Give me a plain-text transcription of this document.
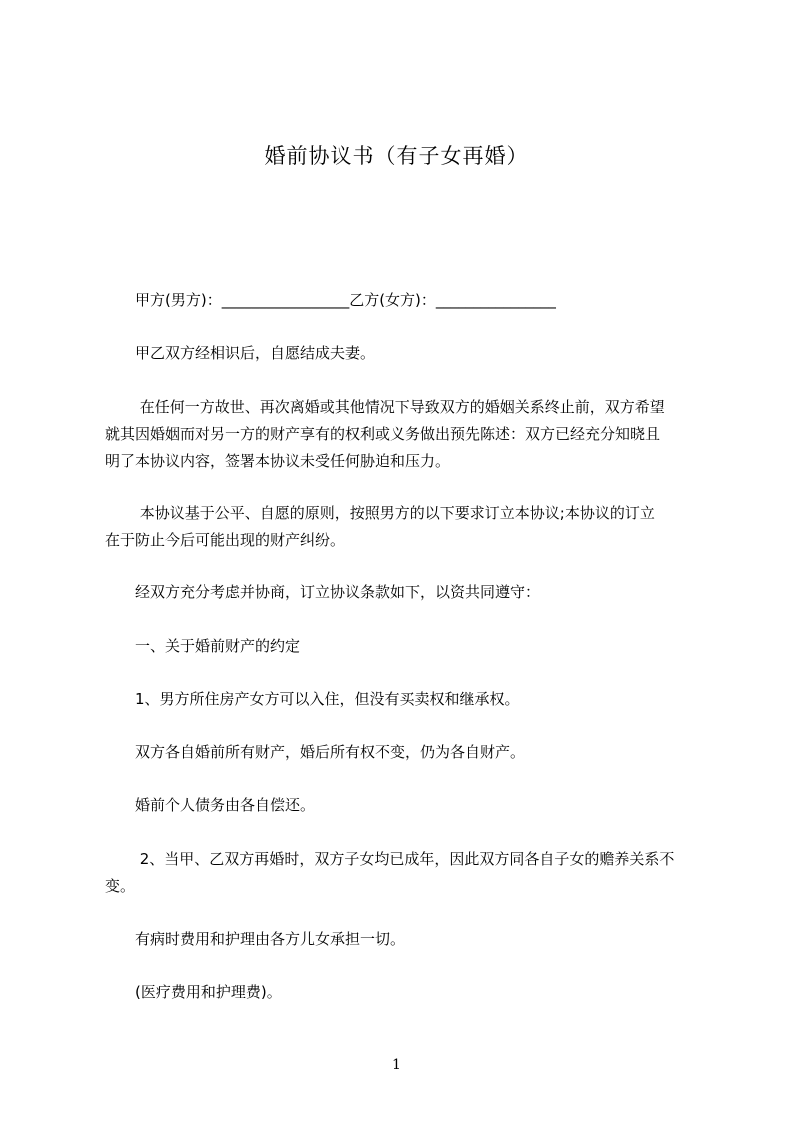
婚前协议书（有子女再婚）
　　甲方(男方)：_________________乙方(女方)：________________
　　甲乙双方经相识后，自愿结成夫妻。
　　 在任何一方故世、再次离婚或其他情况下导致双方的婚姻关系终止前，双方希望
就其因婚姻而对另一方的财产享有的权利或义务做出预先陈述：双方已经充分知晓且
明了本协议内容，签署本协议未受任何胁迫和压力。
　　 本协议基于公平、自愿的原则，按照男方的以下要求订立本协议;本协议的订立
在于防止今后可能出现的财产纠纷。
　　经双方充分考虑并协商，订立协议条款如下，以资共同遵守：
　　一、关于婚前财产的约定
　　1、男方所住房产女方可以入住，但没有买卖权和继承权。
　　双方各自婚前所有财产，婚后所有权不变，仍为各自财产。
　　婚前个人债务由各自偿还。
　　 2、当甲、乙双方再婚时，双方子女均已成年，因此双方同各自子女的赡养关系不
变。
　　有病时费用和护理由各方儿女承担一切。
　　(医疗费用和护理费)。
1
